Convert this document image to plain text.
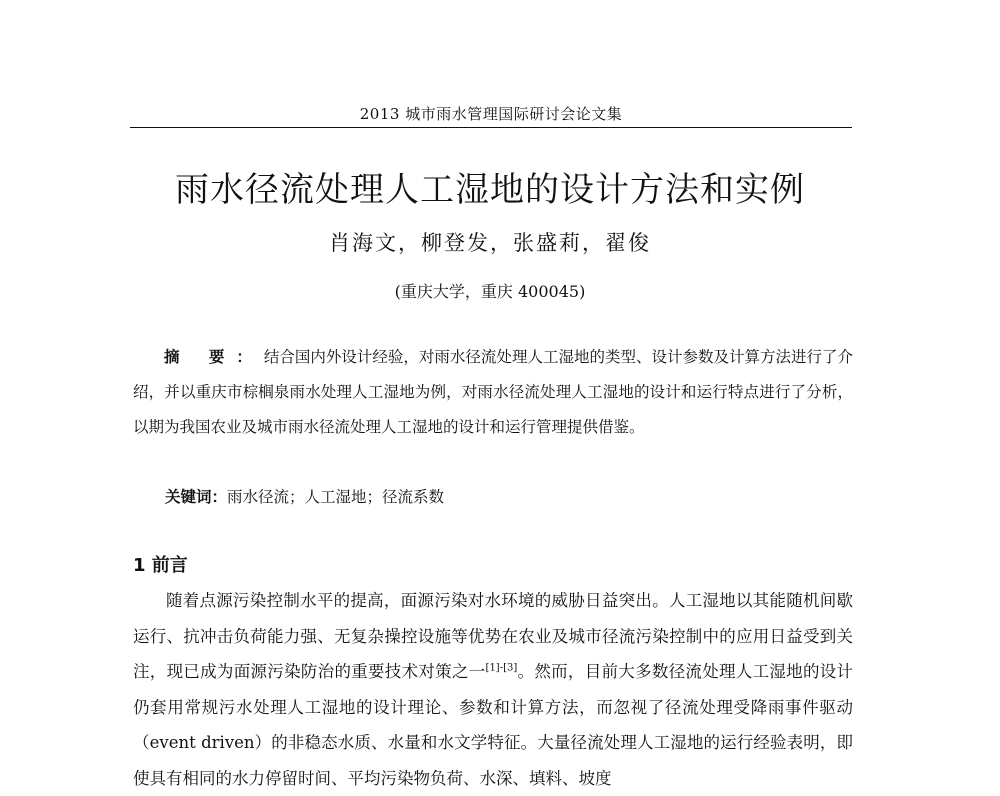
2013 城市雨水管理国际研讨会论文集
雨水径流处理人工湿地的设计方法和实例
肖海文，柳登发，张盛莉，翟俊
(重庆大学，重庆 400045)

摘 要：结合国内外设计经验，对雨水径流处理人工湿地的类型、设计参数及计算方法进行了介绍，并以重庆市棕榈泉雨水处理人工湿地为例，对雨水径流处理人工湿地的设计和运行特点进行了分析，以期为我国农业及城市雨水径流处理人工湿地的设计和运行管理提供借鉴。

关键词：雨水径流；人工湿地；径流系数
1 前言

随着点源污染控制水平的提高，面源污染对水环境的威胁日益突出。人工湿地以其能随机间歇运行、抗冲击负荷能力强、无复杂操控设施等优势在农业及城市径流污染控制中的应用日益受到关注，现已成为面源污染防治的重要技术对策之一[1]-[3]。然而，目前大多数径流处理人工湿地的设计仍套用常规污水处理人工湿地的设计理论、参数和计算方法，而忽视了径流处理受降雨事件驱动（event driven）的非稳态水质、水量和水文学特征。大量径流处理人工湿地的运行经验表明，即使具有相同的水力停留时间、平均污染物负荷、水深、填料、坡度
